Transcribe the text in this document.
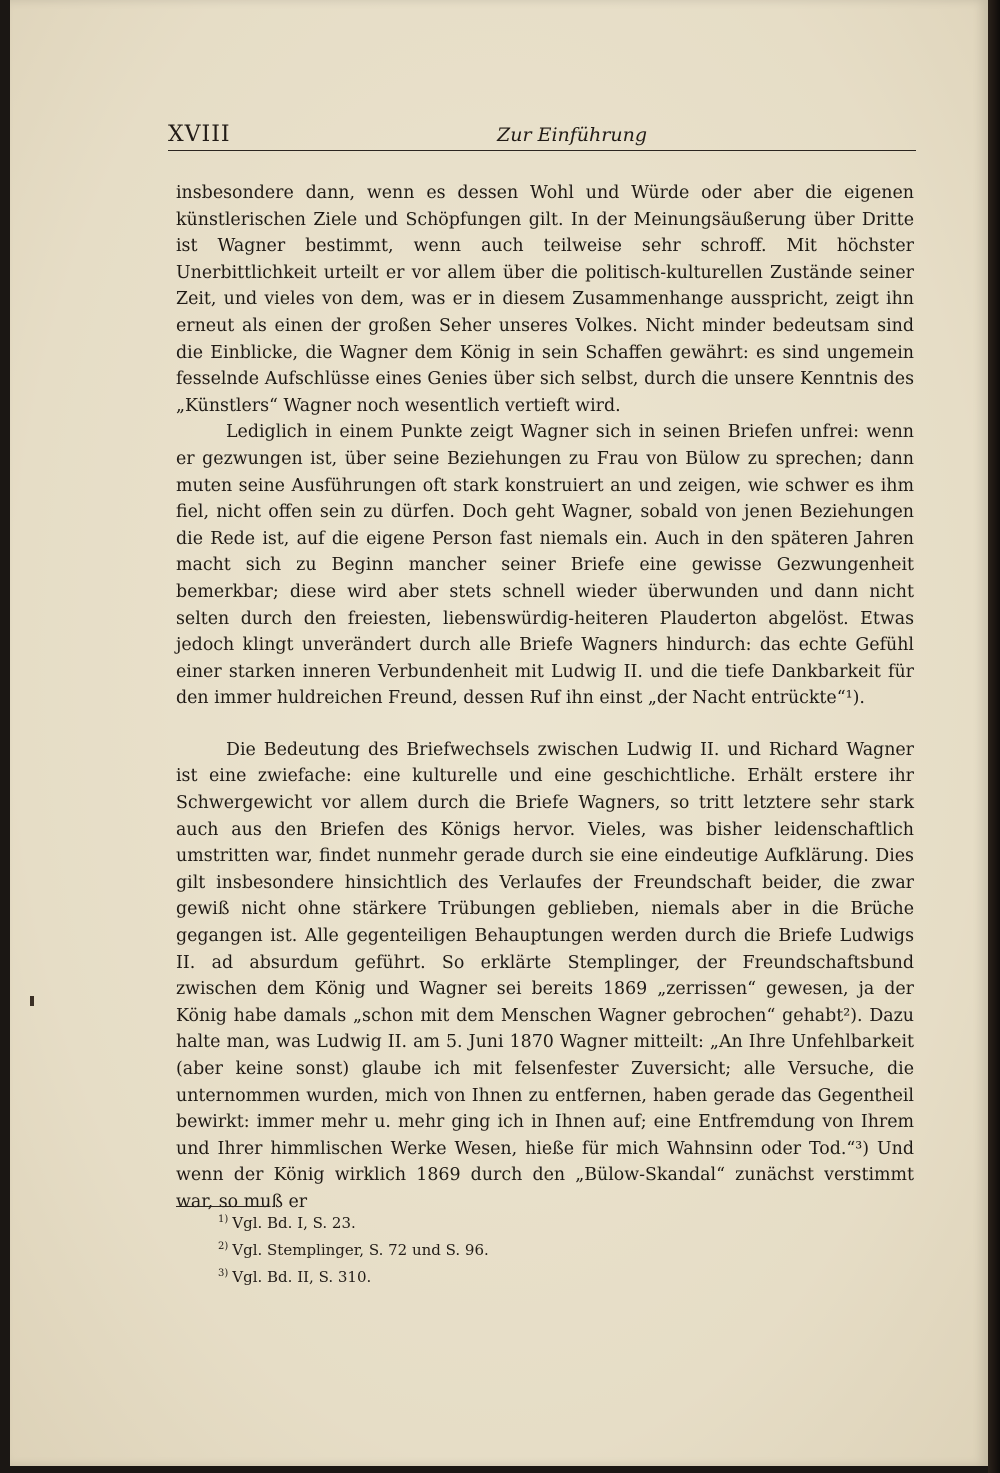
XVIII	Zur Einführung

insbesondere dann, wenn es dessen Wohl und Würde oder aber die eigenen künstlerischen Ziele und Schöpfungen gilt. In der Meinungsäußerung über Dritte ist Wagner bestimmt, wenn auch teilweise sehr schroff. Mit höchster Unerbittlichkeit urteilt er vor allem über die politisch-kulturellen Zustände seiner Zeit, und vieles von dem, was er in diesem Zusammenhange ausspricht, zeigt ihn erneut als einen der großen Seher unseres Volkes. Nicht minder bedeutsam sind die Einblicke, die Wagner dem König in sein Schaffen gewährt: es sind ungemein fesselnde Aufschlüsse eines Genies über sich selbst, durch die unsere Kenntnis des „Künstlers“ Wagner noch wesentlich vertieft wird.

Lediglich in einem Punkte zeigt Wagner sich in seinen Briefen unfrei: wenn er gezwungen ist, über seine Beziehungen zu Frau von Bülow zu sprechen; dann muten seine Ausführungen oft stark konstruiert an und zeigen, wie schwer es ihm fiel, nicht offen sein zu dürfen. Doch geht Wagner, sobald von jenen Beziehungen die Rede ist, auf die eigene Person fast niemals ein. Auch in den späteren Jahren macht sich zu Beginn mancher seiner Briefe eine gewisse Gezwungenheit bemerkbar; diese wird aber stets schnell wieder überwunden und dann nicht selten durch den freiesten, liebenswürdig-heiteren Plauderton abgelöst. Etwas jedoch klingt unverändert durch alle Briefe Wagners hindurch: das echte Gefühl einer starken inneren Verbundenheit mit Ludwig II. und die tiefe Dankbarkeit für den immer huldreichen Freund, dessen Ruf ihn einst „der Nacht entrückte“¹).

Die Bedeutung des Briefwechsels zwischen Ludwig II. und Richard Wagner ist eine zwiefache: eine kulturelle und eine geschichtliche. Erhält erstere ihr Schwergewicht vor allem durch die Briefe Wagners, so tritt letztere sehr stark auch aus den Briefen des Königs hervor. Vieles, was bisher leidenschaftlich umstritten war, findet nunmehr gerade durch sie eine eindeutige Aufklärung. Dies gilt insbesondere hinsichtlich des Verlaufes der Freundschaft beider, die zwar gewiß nicht ohne stärkere Trübungen geblieben, niemals aber in die Brüche gegangen ist. Alle gegenteiligen Behauptungen werden durch die Briefe Ludwigs II. ad absurdum geführt. So erklärte Stemplinger, der Freundschaftsbund zwischen dem König und Wagner sei bereits 1869 „zerrissen“ gewesen, ja der König habe damals „schon mit dem Menschen Wagner gebrochen“ gehabt²). Dazu halte man, was Ludwig II. am 5. Juni 1870 Wagner mitteilt: „An Ihre Unfehlbarkeit (aber keine sonst) glaube ich mit felsenfester Zuversicht; alle Versuche, die unternommen wurden, mich von Ihnen zu entfernen, haben gerade das Gegentheil bewirkt: immer mehr u. mehr ging ich in Ihnen auf; eine Entfremdung von Ihrem und Ihrer himmlischen Werke Wesen, hieße für mich Wahnsinn oder Tod.“³) Und wenn der König wirklich 1869 durch den „Bülow-Skandal“ zunächst verstimmt war, so muß er

$^{1)}$ Vgl. Bd. I, S. 23.
$^{2)}$ Vgl. Stemplinger, S. 72 und S. 96.
$^{3)}$ Vgl. Bd. II, S. 310.
